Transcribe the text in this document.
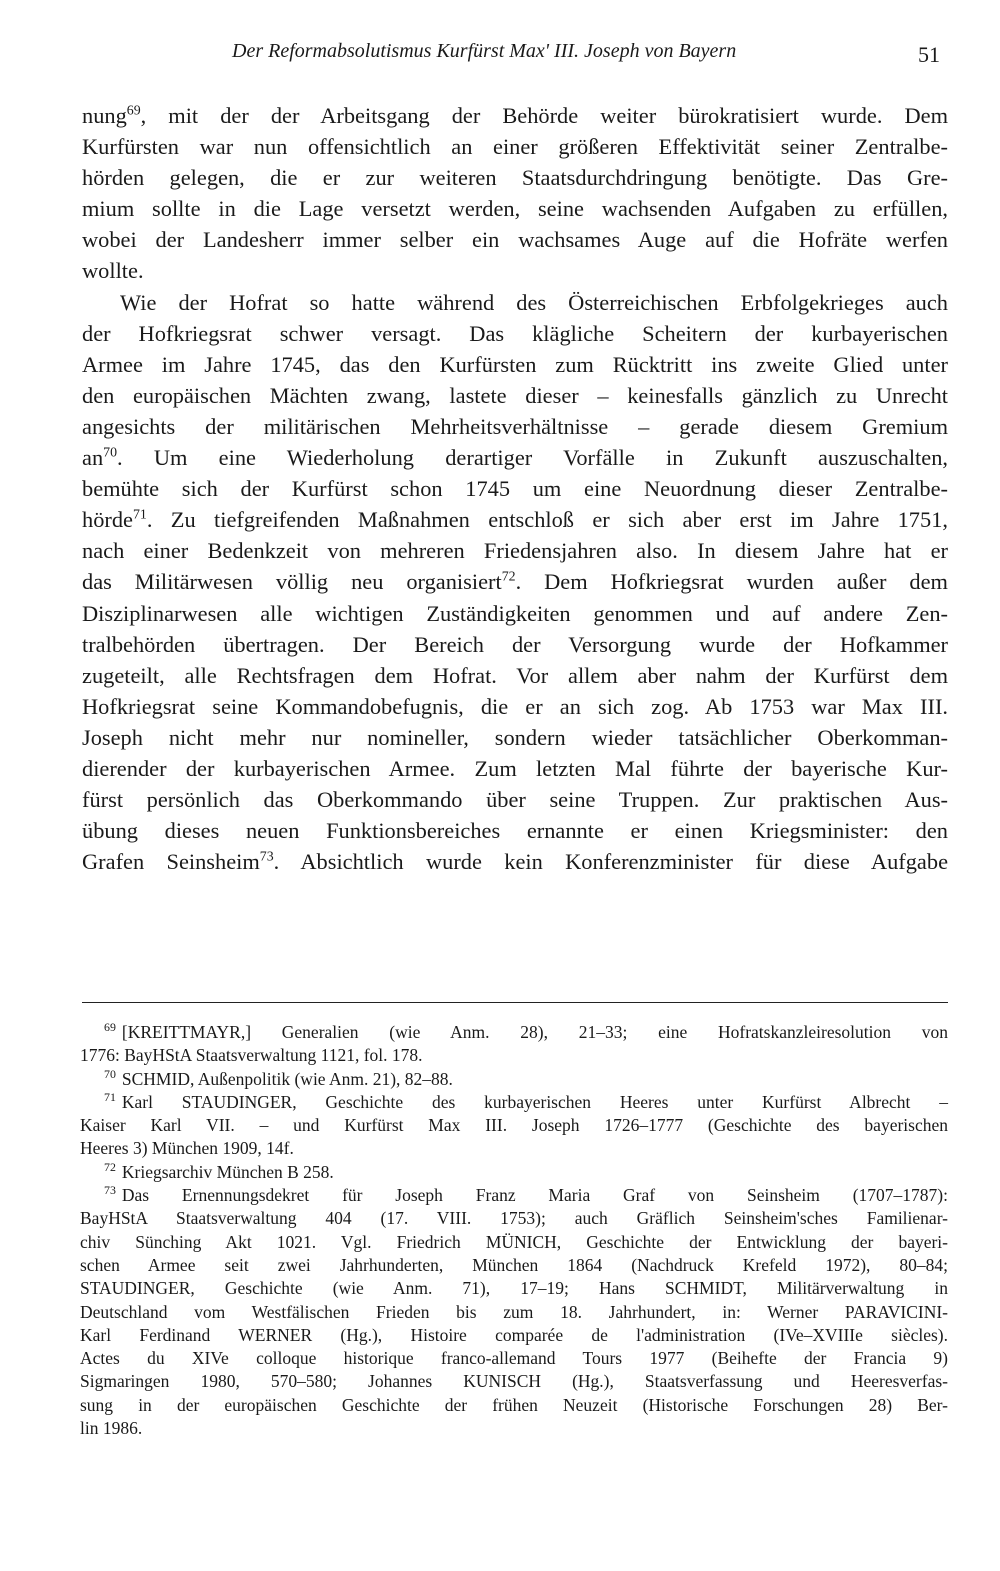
Der Reformabsolutismus Kurfürst Max' III. Joseph von Bayern	51
nung$^{69}$, mit der der Arbeitsgang der Behörde weiter bürokratisiert wurde. Dem
Kurfürsten war nun offensichtlich an einer größeren Effektivität seiner Zentralbe-
hörden gelegen, die er zur weiteren Staatsdurchdringung benötigte. Das Gre-
mium sollte in die Lage versetzt werden, seine wachsenden Aufgaben zu erfüllen,
wobei der Landesherr immer selber ein wachsames Auge auf die Hofräte werfen
wollte.
Wie der Hofrat so hatte während des Österreichischen Erbfolgekrieges auch
der Hofkriegsrat schwer versagt. Das klägliche Scheitern der kurbayerischen
Armee im Jahre 1745, das den Kurfürsten zum Rücktritt ins zweite Glied unter
den europäischen Mächten zwang, lastete dieser – keinesfalls gänzlich zu Unrecht
angesichts der militärischen Mehrheitsverhältnisse – gerade diesem Gremium
$an^{70}$. Um eine Wiederholung derartiger Vorfälle in Zukunft auszuschalten,
bemühte sich der Kurfürst schon 1745 um eine Neuordnung dieser Zentralbe-
hörde$^{71}$. Zu tiefgreifenden Maßnahmen entschloß er sich aber erst im Jahre 1751,
nach einer Bedenkzeit von mehreren Friedensjahren also. In diesem Jahre hat er
das Militärwesen völlig neu organisiert$^{72}$. Dem Hofkriegsrat wurden außer dem
Disziplinarwesen alle wichtigen Zuständigkeiten genommen und auf andere Zen-
tralbehörden übertragen. Der Bereich der Versorgung wurde der Hofkammer
zugeteilt, alle Rechtsfragen dem Hofrat. Vor allem aber nahm der Kurfürst dem
Hofkriegsrat seine Kommandobefugnis, die er an sich zog. Ab 1753 war Max III.
Joseph nicht mehr nur nomineller, sondern wieder tatsächlicher Oberkomman-
dierender der kurbayerischen Armee. Zum letzten Mal führte der bayerische Kur-
fürst persönlich das Oberkommando über seine Truppen. Zur praktischen Aus-
übung dieses neuen Funktionsbereiches ernannte er einen Kriegsminister: den
Grafen Seinsheim$^{73}$. Absichtlich wurde kein Konferenzminister für diese Aufgabe
$^{69}$ [KREITTMAYR,] Generalien (wie Anm. 28), 21–33; eine Hofratskanzleiresolution von
1776: BayHStA Staatsverwaltung 1121, fol. 178.
$^{70}$ SCHMID, Außenpolitik (wie Anm. 21), 82–88.
$^{71}$ Karl STAUDINGER, Geschichte des kurbayerischen Heeres unter Kurfürst Albrecht –
Kaiser Karl VII. – und Kurfürst Max III. Joseph 1726–1777 (Geschichte des bayerischen
Heeres 3) München 1909, 14f.
$^{72}$ Kriegsarchiv München B 258.
$^{73}$ Das Ernennungsdekret für Joseph Franz Maria Graf von Seinsheim (1707–1787):
BayHStA Staatsverwaltung 404 (17. VIII. 1753); auch Gräflich Seinsheim'sches Familienar-
chiv Sünching Akt 1021. Vgl. Friedrich MÜNICH, Geschichte der Entwicklung der bayeri-
schen Armee seit zwei Jahrhunderten, München 1864 (Nachdruck Krefeld 1972), 80–84;
STAUDINGER, Geschichte (wie Anm. 71), 17–19; Hans SCHMIDT, Militärverwaltung in
Deutschland vom Westfälischen Frieden bis zum 18. Jahrhundert, in: Werner PARAVICINI-
Karl Ferdinand WERNER (Hg.), Histoire comparée de l'administration (IVe–XVIIIe siècles).
Actes du XIVe colloque historique franco-allemand Tours 1977 (Beihefte der Francia 9)
Sigmaringen 1980, 570–580; Johannes KUNISCH (Hg.), Staatsverfassung und Heeresverfas-
sung in der europäischen Geschichte der frühen Neuzeit (Historische Forschungen 28) Ber-
lin 1986.
